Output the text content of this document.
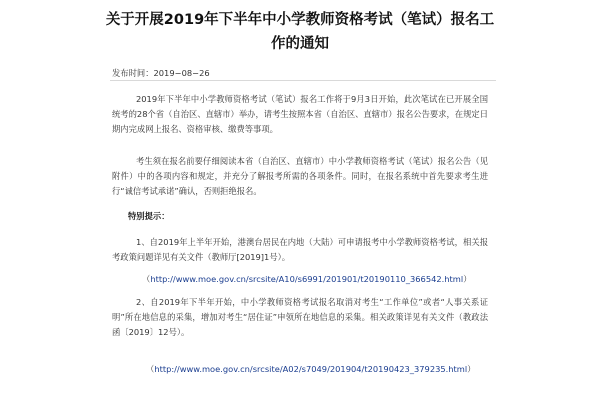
关于开展2019年下半年中小学教师资格考试（笔试）报名工作的通知
发布时间：2019−08−26

2019年下半年中小学教师资格考试（笔试）报名工作将于9月3日开始，此次笔试在已开展全国统考的28个省（自治区、直辖市）举办，请考生按照本省（自治区、直辖市）报名公告要求，在规定日期内完成网上报名、资格审核、缴费等事项。

考生须在报名前要仔细阅读本省（自治区、直辖市）中小学教师资格考试（笔试）报名公告（见附件）中的各项内容和规定，并充分了解报考所需的各项条件。同时，在报名系统中首先要求考生进行“诚信考试承诺”确认，否则拒绝报名。

特别提示：

1、自2019年上半年开始，港澳台居民在内地（大陆）可申请报考中小学教师资格考试，相关报考政策问题详见有关文件（教师厅[2019]1号）。

（http://www.moe.gov.cn/srcsite/A10/s6991/201901/t20190110_366542.html）

2、自2019年下半年开始，中小学教师资格考试报名取消对考生“工作单位”或者“人事关系证明”所在地信息的采集，增加对考生“居住证”申领所在地信息的采集。相关政策详见有关文件（教政法函〔2019〕12号）。

（http://www.moe.gov.cn/srcsite/A02/s7049/201904/t20190423_379235.html）
